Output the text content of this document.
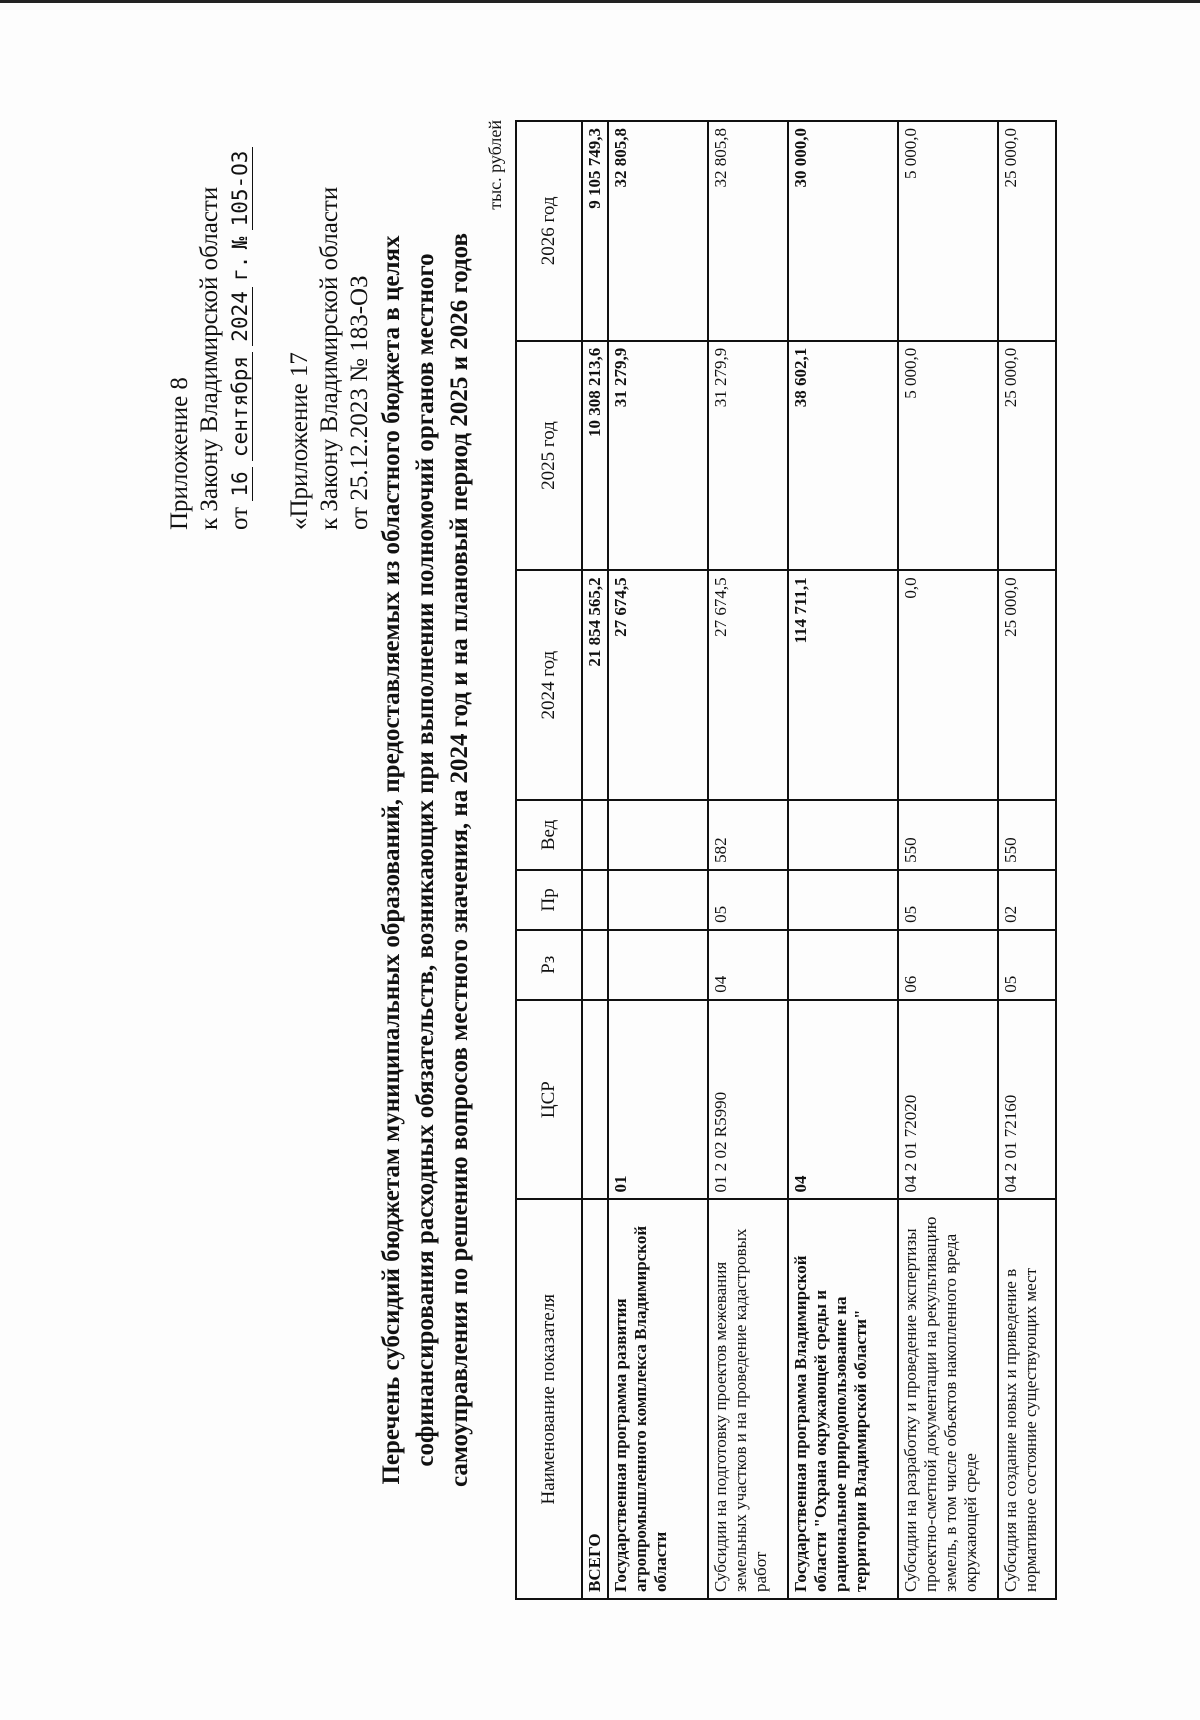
Приложение 8 к Закону Владимирской области от 16 сентября 2024 г. № 105-ОЗ
«Приложение 17 к Закону Владимирской области от 25.12.2023 № 183-ОЗ Перечень субсидий бюджетам муниципальных образований, предоставляемых из областного бюджета в целях софинансирования расходных обязательств, возникающих при выполнении полномочий органов местного самоуправления по решению вопросов местного значения, на 2024 год и на плановый период 2025 и 2026 годов
тыс. рублей
Наименование показателя	ЦСР	Рз	Пр	Вед	2024 год	2025 год	2026 год
ВСЕГО					21 854 565,2	10 308 213,6	9 105 749,3
Государственная программа развития агропромышленного комплекса Владимирской области	01				27 674,5	31 279,9	32 805,8
Субсидии на подготовку проектов межевания земельных участков и на проведение кадастровых работ	01 2 02 R5990	04	05	582	27 674,5	31 279,9	32 805,8
Государственная программа Владимирской области "Охрана окружающей среды и рациональное природопользование на территории Владимирской области"	04				114 711,1	38 602,1	30 000,0
Субсидии на разработку и проведение экспертизы проектно-сметной документации на рекультивацию земель, в том числе объектов накопленного вреда окружающей среде	04 2 01 72020	06	05	550	0,0	5 000,0	5 000,0
Субсидия на создание новых и приведение в нормативное состояние существующих мест	04 2 01 72160	05	02	550	25 000,0	25 000,0	25 000,0
